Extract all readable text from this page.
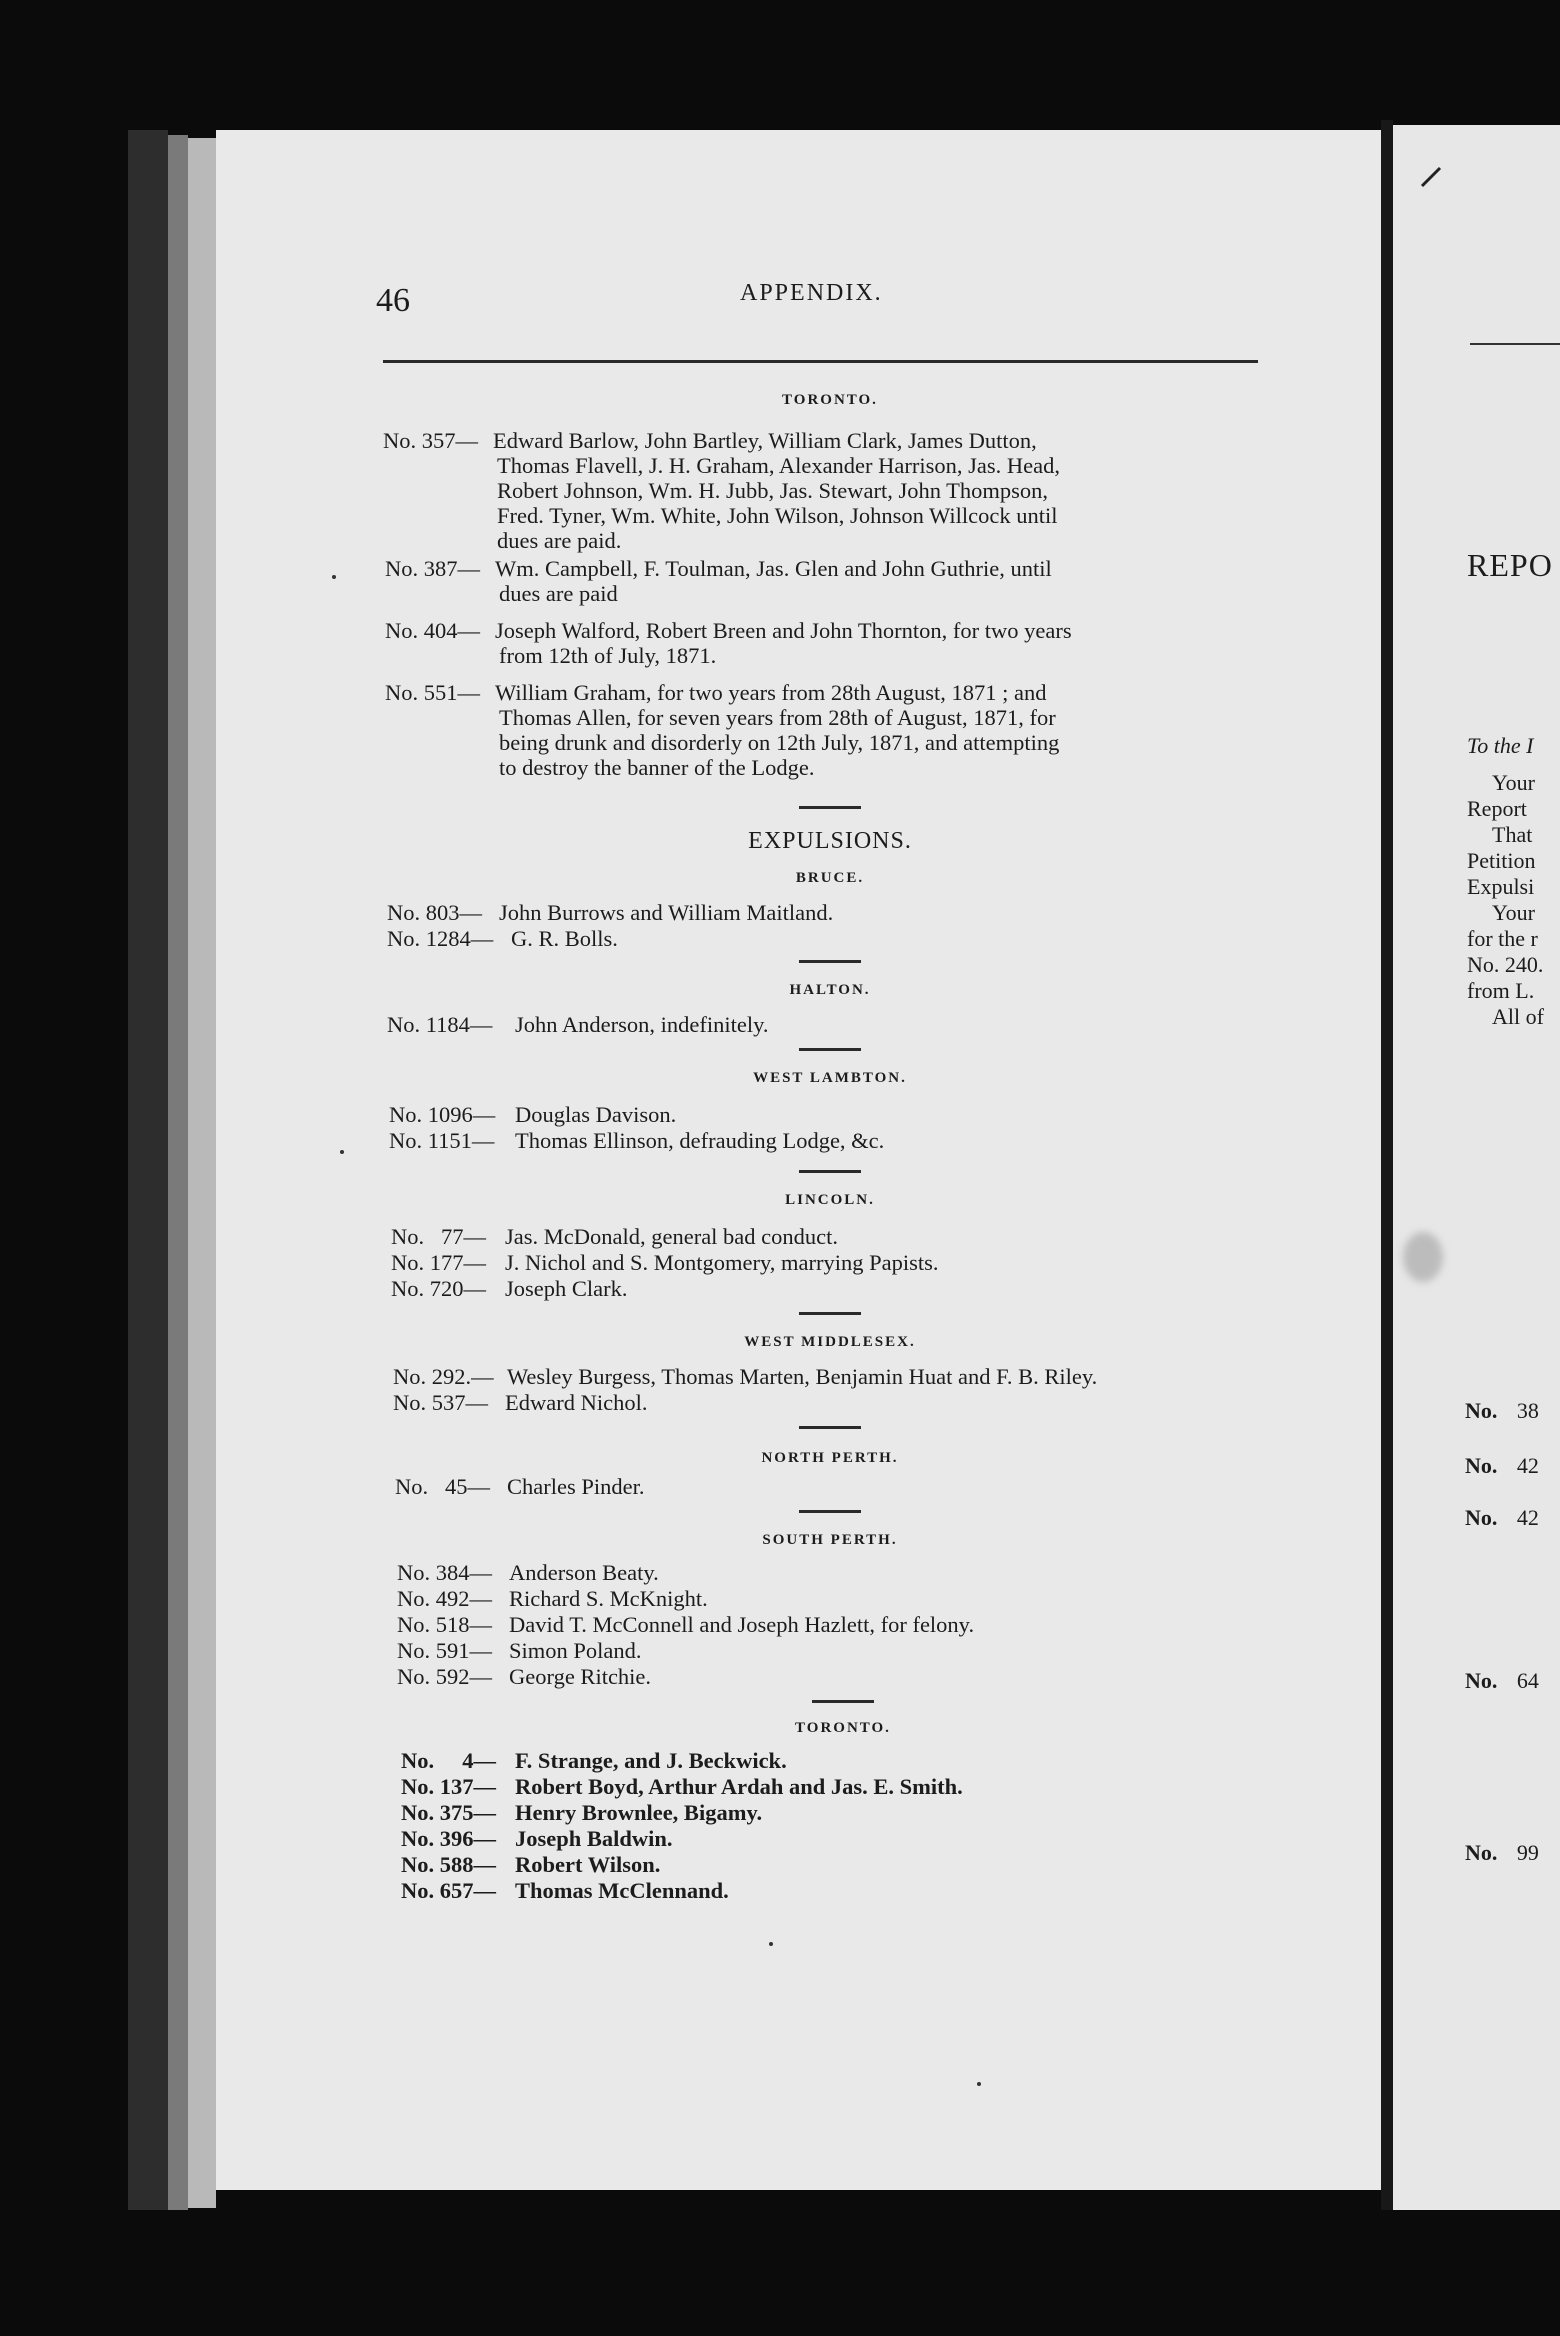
46	APPENDIX.
TORONTO.
No. 357— Edward Barlow, John Bartley, William Clark, James Dutton,
Thomas Flavell, J. H. Graham, Alexander Harrison, Jas. Head,
Robert Johnson, Wm. H. Jubb, Jas. Stewart, John Thompson,
Fred. Tyner, Wm. White, John Wilson, Johnson Willcock until
dues are paid.
No. 387— Wm. Campbell, F. Toulman, Jas. Glen and John Guthrie, until
dues are paid
No. 404— Joseph Walford, Robert Breen and John Thornton, for two years
from 12th of July, 1871.
No. 551— William Graham, for two years from 28th August, 1871 ; and
Thomas Allen, for seven years from 28th of August, 1871, for
being drunk and disorderly on 12th July, 1871, and attempting
to destroy the banner of the Lodge.
EXPULSIONS.
BRUCE.
No. 803— John Burrows and William Maitland.
No. 1284— G. R. Bolls.
HALTON.
No. 1184— John Anderson, indefinitely.
WEST LAMBTON.
No. 1096— Douglas Davison.
No. 1151— Thomas Ellinson, defrauding Lodge, &c.
LINCOLN.
No.   77— Jas. McDonald, general bad conduct.
No. 177— J. Nichol and S. Montgomery, marrying Papists.
No. 720— Joseph Clark.
WEST MIDDLESEX.
No. 292.— Wesley Burgess, Thomas Marten, Benjamin Huat and F. B. Riley.
No. 537— Edward Nichol.
NORTH PERTH.
No.   45— Charles Pinder.
SOUTH PERTH.
No. 384— Anderson Beaty.
No. 492— Richard S. McKnight.
No. 518— David T. McConnell and Joseph Hazlett, for felony.
No. 591— Simon Poland.
No. 592— George Ritchie.
TORONTO.
No.     4— F. Strange, and J. Beckwick.
No. 137— Robert Boyd, Arthur Ardah and Jas. E. Smith.
No. 375— Henry Brownlee, Bigamy.
No. 396— Joseph Baldwin.
No. 588— Robert Wilson.
No. 657— Thomas McClennand.
REPO
To the I
Your
Report
That
Petition
Expulsi
Your
for the r
No. 240.
from L.
All of
No. 38
No. 42
No. 42
No. 64
No. 99
